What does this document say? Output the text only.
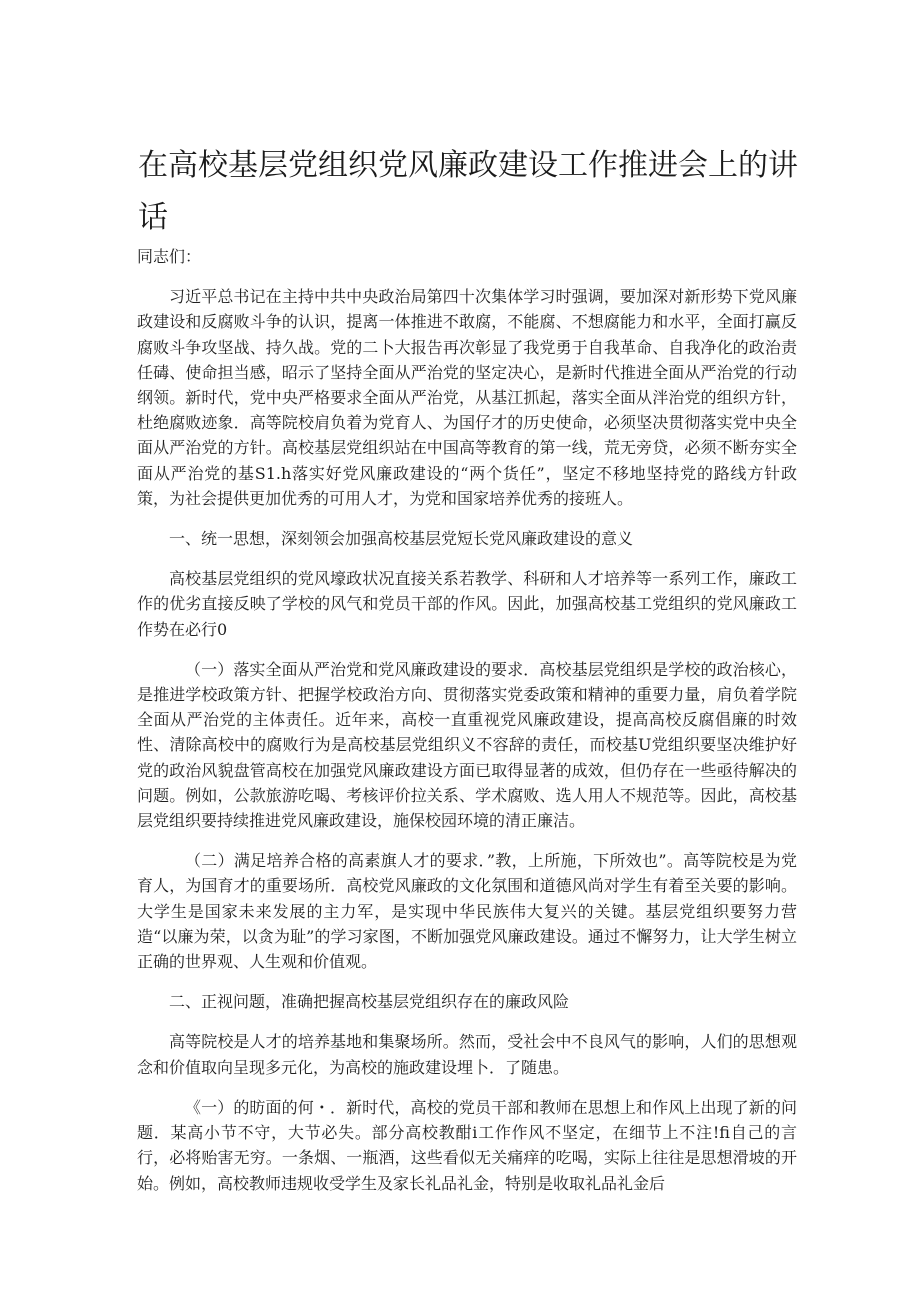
在高校基层党组织党风廉政建设工作推进会上的讲话

同志们：

习近平总书记在主持中共中央政治局第四十次集体学习时强调，要加深对新形势下党风廉政建设和反腐败斗争的认识，提离一体推进不敢腐，不能腐、不想腐能力和水平，全面打赢反腐败斗争攻坚战、持久战。党的二卜大报告再次彰显了我党勇于自我革命、自我净化的政治责任碡、使命担当感，昭示了坚持全面从严治党的坚定决心，是新时代推进全面从严治党的行动纲领。新时代，党中央严格要求全面从严治党，从基江抓起，落实全面从泮治党的组织方针，杜绝腐败迹象．高等院校肩负着为党育人、为国仔才的历史使命，必须坚决贯彻落实党中央全面从严治党的方针。高校基层党组织站在中国高等教育的第一线，荒无旁贷，必须不断夯实全面从严治党的基S1.h落实好党风廉政建设的“两个货任”，坚定不移地坚持党的路线方针政策，为社会提供更加优秀的可用人才，为党和国家培养优秀的接班人。

一、统一思想，深刻领会加强高校基层党短长党风廉政建设的意义

高校基层党组织的党风壕政状况直接关系若教学、科研和人才培养等一系列工作，廉政工作的优劣直接反映了学校的风气和党员干部的作风。因此，加强高校基工党组织的党风廉政工作势在必行0

（一）落实全面从严治党和党风廉政建设的要求．高校基层党组织是学校的政治核心，是推进学校政策方针、把握学校政治方向、贯彻落实党委政策和精神的重要力量，肩负着学院全面从严治党的主体责任。近年来，高校一直重视党风廉政建设，提高高校反腐倡廉的时效性、清除高校中的腐败行为是高校基层党组织义不容辞的责任，而校基U党组织要坚决维护好党的政治风貌盘管高校在加强党风廉政建设方面已取得显著的成效，但仍存在一些亟待解决的问题。例如，公款旅游吃喝、考核评价拉关系、学术腐败、选人用人不规范等。因此，高校基层党组织要持续推进党风廉政建设，施保校园环境的清正廉洁。

（二）满足培养合格的高素旗人才的要求．”教，上所施，下所效也”。高等院校是为党育人，为国育才的重要场所．高校党风廉政的文化氛围和道德风尚对学生有着至关要的影响。大学生是国家未来发展的主力军，是实现中华民族伟大复兴的关键。基层党组织要努力营造“以廉为荣，以贪为耻”的学习家图，不断加强党风廉政建设。通过不懈努力，让大学生树立正确的世界观、人生观和价值观。

二、正视问题，准确把握高校基层党组织存在的廉政风险

高等院校是人才的培养基地和集聚场所。然而，受社会中不良风气的影响，人们的思想观念和价值取向呈现多元化，为高校的施政建设埋卜．了随患。

《一）的昉面的何・．新时代，高校的党员干部和教师在思想上和作风上出现了新的问题．某高小节不守，大节必失。部分高校教酣i工作作风不坚定，在细节上不注!fi自己的言行，必将贻害无穷。一条烟、一瓶酒，这些看似无关痛痒的吃喝，实际上往往是思想滑坡的开始。例如，高校教师违规收受学生及家长礼品礼金，特别是收取礼品礼金后
